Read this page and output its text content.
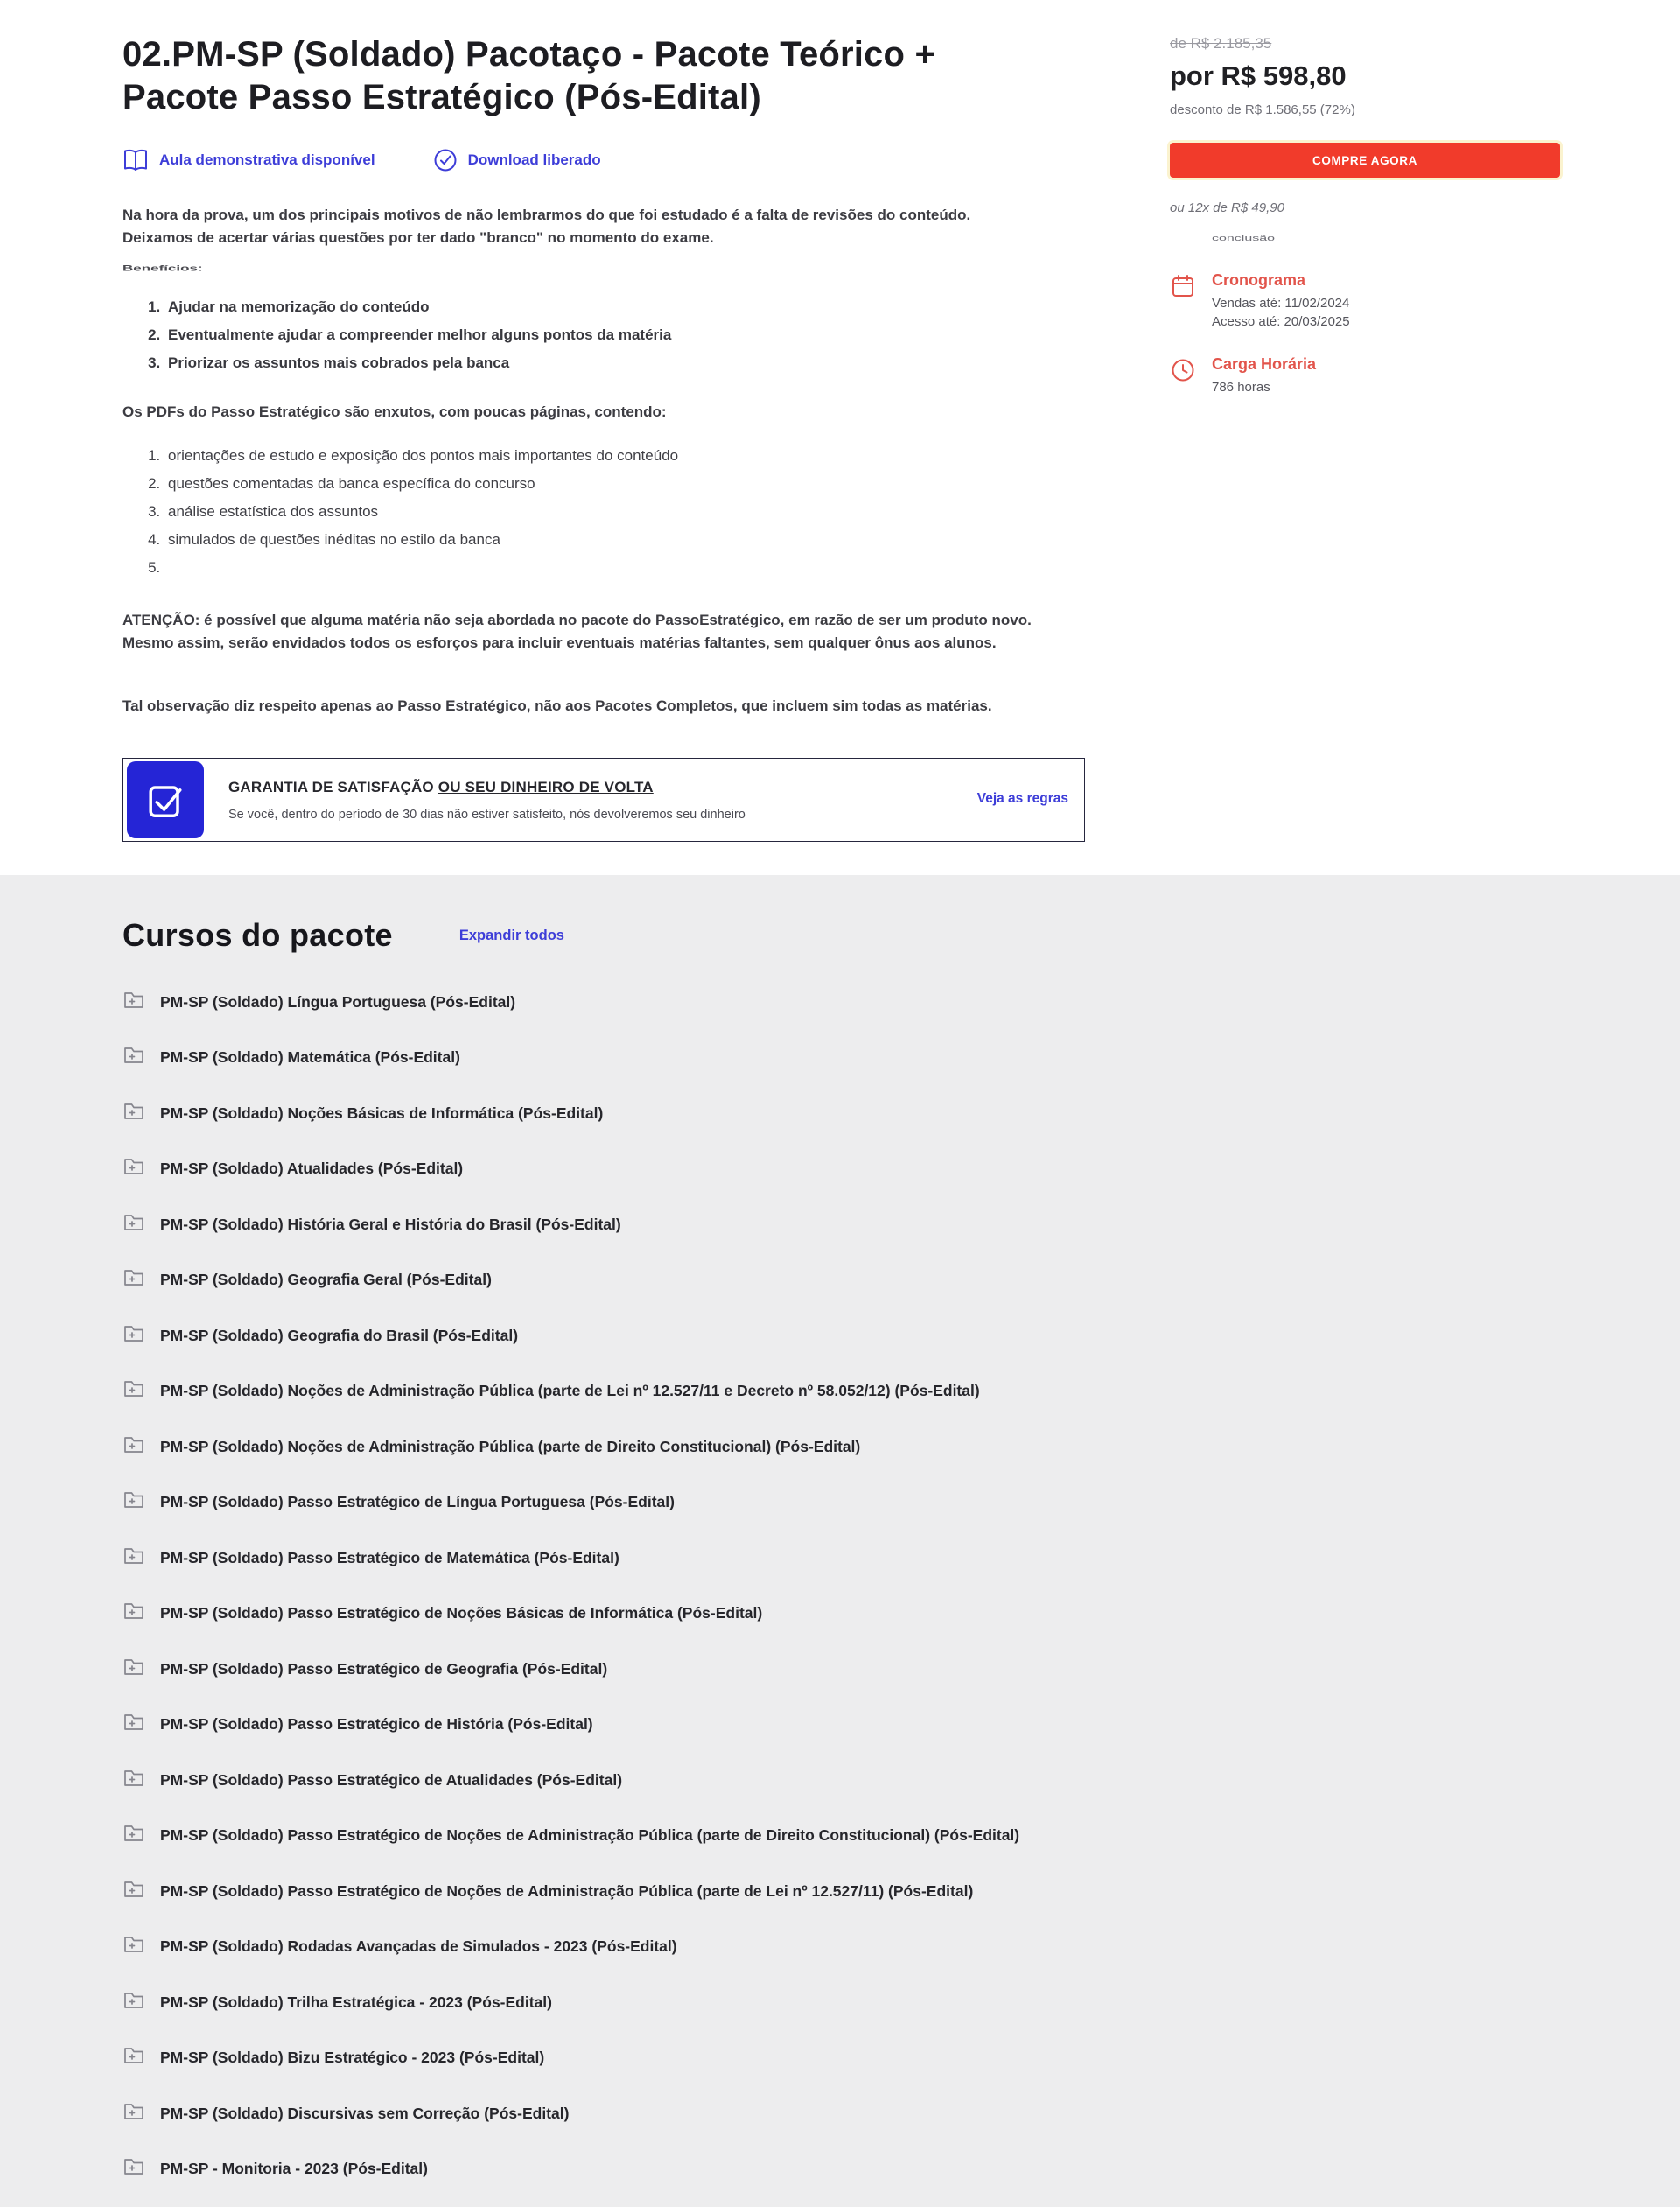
02.PM-SP (Soldado) Pacotaço - Pacote Teórico + Pacote Passo Estratégico (Pós-Edital)
Aula demonstrativa disponível	Download liberado

Na hora da prova, um dos principais motivos de não lembrarmos do que foi estudado é a falta de revisões do conteúdo. Deixamos de acertar várias questões por ter dado "branco" no momento do exame.

Benefícios:
1. Ajudar na memorização do conteúdo
2. Eventualmente ajudar a compreender melhor alguns pontos da matéria
3. Priorizar os assuntos mais cobrados pela banca

Os PDFs do Passo Estratégico são enxutos, com poucas páginas, contendo:

1. orientações de estudo e exposição dos pontos mais importantes do conteúdo
2. questões comentadas da banca específica do concurso
3. análise estatística dos assuntos
4. simulados de questões inéditas no estilo da banca
5.

ATENÇÃO: é possível que alguma matéria não seja abordada no pacote do PassoEstratégico, em razão de ser um produto novo. Mesmo assim, serão envidados todos os esforços para incluir eventuais matérias faltantes, sem qualquer ônus aos alunos.

Tal observação diz respeito apenas ao Passo Estratégico, não aos Pacotes Completos, que incluem sim todas as matérias.

GARANTIA DE SATISFAÇÃO OU SEU DINHEIRO DE VOLTA
Se você, dentro do período de 30 dias não estiver satisfeito, nós devolveremos seu dinheiro
Veja as regras
de R$ 2.185,35
por R$ 598,80
desconto de R$ 1.586,55 (72%)
COMPRE AGORA
ou 12x de R$ 49,90
conclusão
Cronograma
Vendas até: 11/02/2024
Acesso até: 20/03/2025
Carga Horária
786 horas
Cursos do pacote	Expandir todos
PM-SP (Soldado) Língua Portuguesa (Pós-Edital)
PM-SP (Soldado) Matemática (Pós-Edital)
PM-SP (Soldado) Noções Básicas de Informática (Pós-Edital)
PM-SP (Soldado) Atualidades (Pós-Edital)
PM-SP (Soldado) História Geral e História do Brasil (Pós-Edital)
PM-SP (Soldado) Geografia Geral (Pós-Edital)
PM-SP (Soldado) Geografia do Brasil (Pós-Edital)
PM-SP (Soldado) Noções de Administração Pública (parte de Lei nº 12.527/11 e Decreto nº 58.052/12) (Pós-Edital)
PM-SP (Soldado) Noções de Administração Pública (parte de Direito Constitucional) (Pós-Edital)
PM-SP (Soldado) Passo Estratégico de Língua Portuguesa (Pós-Edital)
PM-SP (Soldado) Passo Estratégico de Matemática (Pós-Edital)
PM-SP (Soldado) Passo Estratégico de Noções Básicas de Informática (Pós-Edital)
PM-SP (Soldado) Passo Estratégico de Geografia (Pós-Edital)
PM-SP (Soldado) Passo Estratégico de História (Pós-Edital)
PM-SP (Soldado) Passo Estratégico de Atualidades (Pós-Edital)
PM-SP (Soldado) Passo Estratégico de Noções de Administração Pública (parte de Direito Constitucional) (Pós-Edital)
PM-SP (Soldado) Passo Estratégico de Noções de Administração Pública (parte de Lei nº 12.527/11) (Pós-Edital)
PM-SP (Soldado) Rodadas Avançadas de Simulados - 2023 (Pós-Edital)
PM-SP (Soldado) Trilha Estratégica - 2023 (Pós-Edital)
PM-SP (Soldado) Bizu Estratégico - 2023 (Pós-Edital)
PM-SP (Soldado) Discursivas sem Correção (Pós-Edital)
PM-SP - Monitoria - 2023 (Pós-Edital)
